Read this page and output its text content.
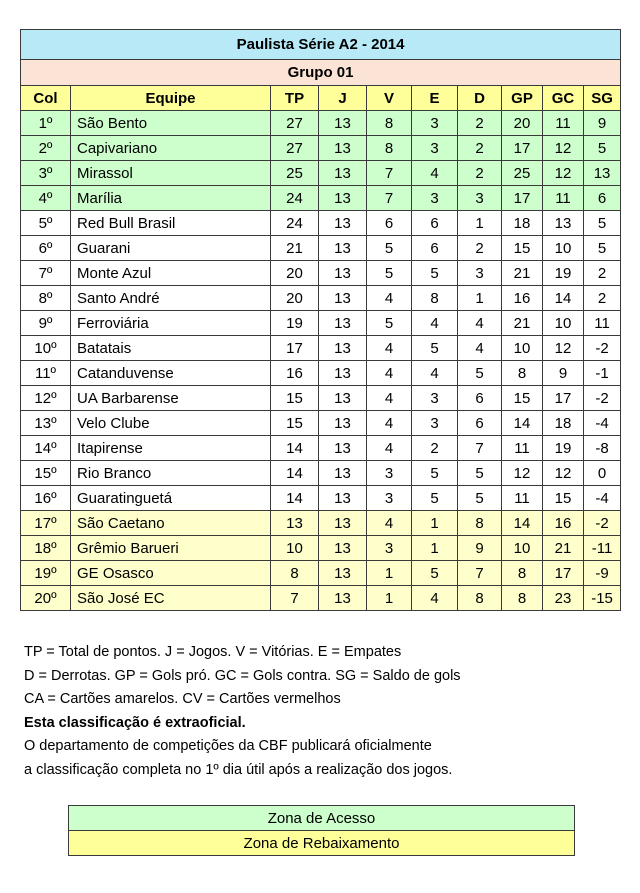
Paulista Série A2 - 2014									
Grupo 01									
Col	Equipe	TP	J	V	E	D	GP	GC	SG
1º	São Bento	27	13	8	3	2	20	11	9
2º	Capivariano	27	13	8	3	2	17	12	5
3º	Mirassol	25	13	7	4	2	25	12	13
4º	Marília	24	13	7	3	3	17	11	6
5º	Red Bull Brasil	24	13	6	6	1	18	13	5
6º	Guarani	21	13	5	6	2	15	10	5
7º	Monte Azul	20	13	5	5	3	21	19	2
8º	Santo André	20	13	4	8	1	16	14	2
9º	Ferroviária	19	13	5	4	4	21	10	11
10º	Batatais	17	13	4	5	4	10	12	-2
11º	Catanduvense	16	13	4	4	5	8	9	-1
12º	UA Barbarense	15	13	4	3	6	15	17	-2
13º	Velo Clube	15	13	4	3	6	14	18	-4
14º	Itapirense	14	13	4	2	7	11	19	-8
15º	Rio Branco	14	13	3	5	5	12	12	0
16º	Guaratinguetá	14	13	3	5	5	11	15	-4
17º	São Caetano	13	13	4	1	8	14	16	-2
18º	Grêmio Barueri	10	13	3	1	9	10	21	-11
19º	GE Osasco	8	13	1	5	7	8	17	-9
20º	São José EC	7	13	1	4	8	8	23	-15
TP = Total de pontos. J = Jogos. V = Vitórias. E = Empates
D = Derrotas. GP = Gols pró. GC = Gols contra. SG = Saldo de gols
CA = Cartões amarelos. CV = Cartões vermelhos
Esta classificação é extraoficial.
O departamento de competições da CBF publicará oficialmente
a classificação completa no 1º dia útil após a realização dos jogos.
Zona de Acesso
Zona de Rebaixamento
